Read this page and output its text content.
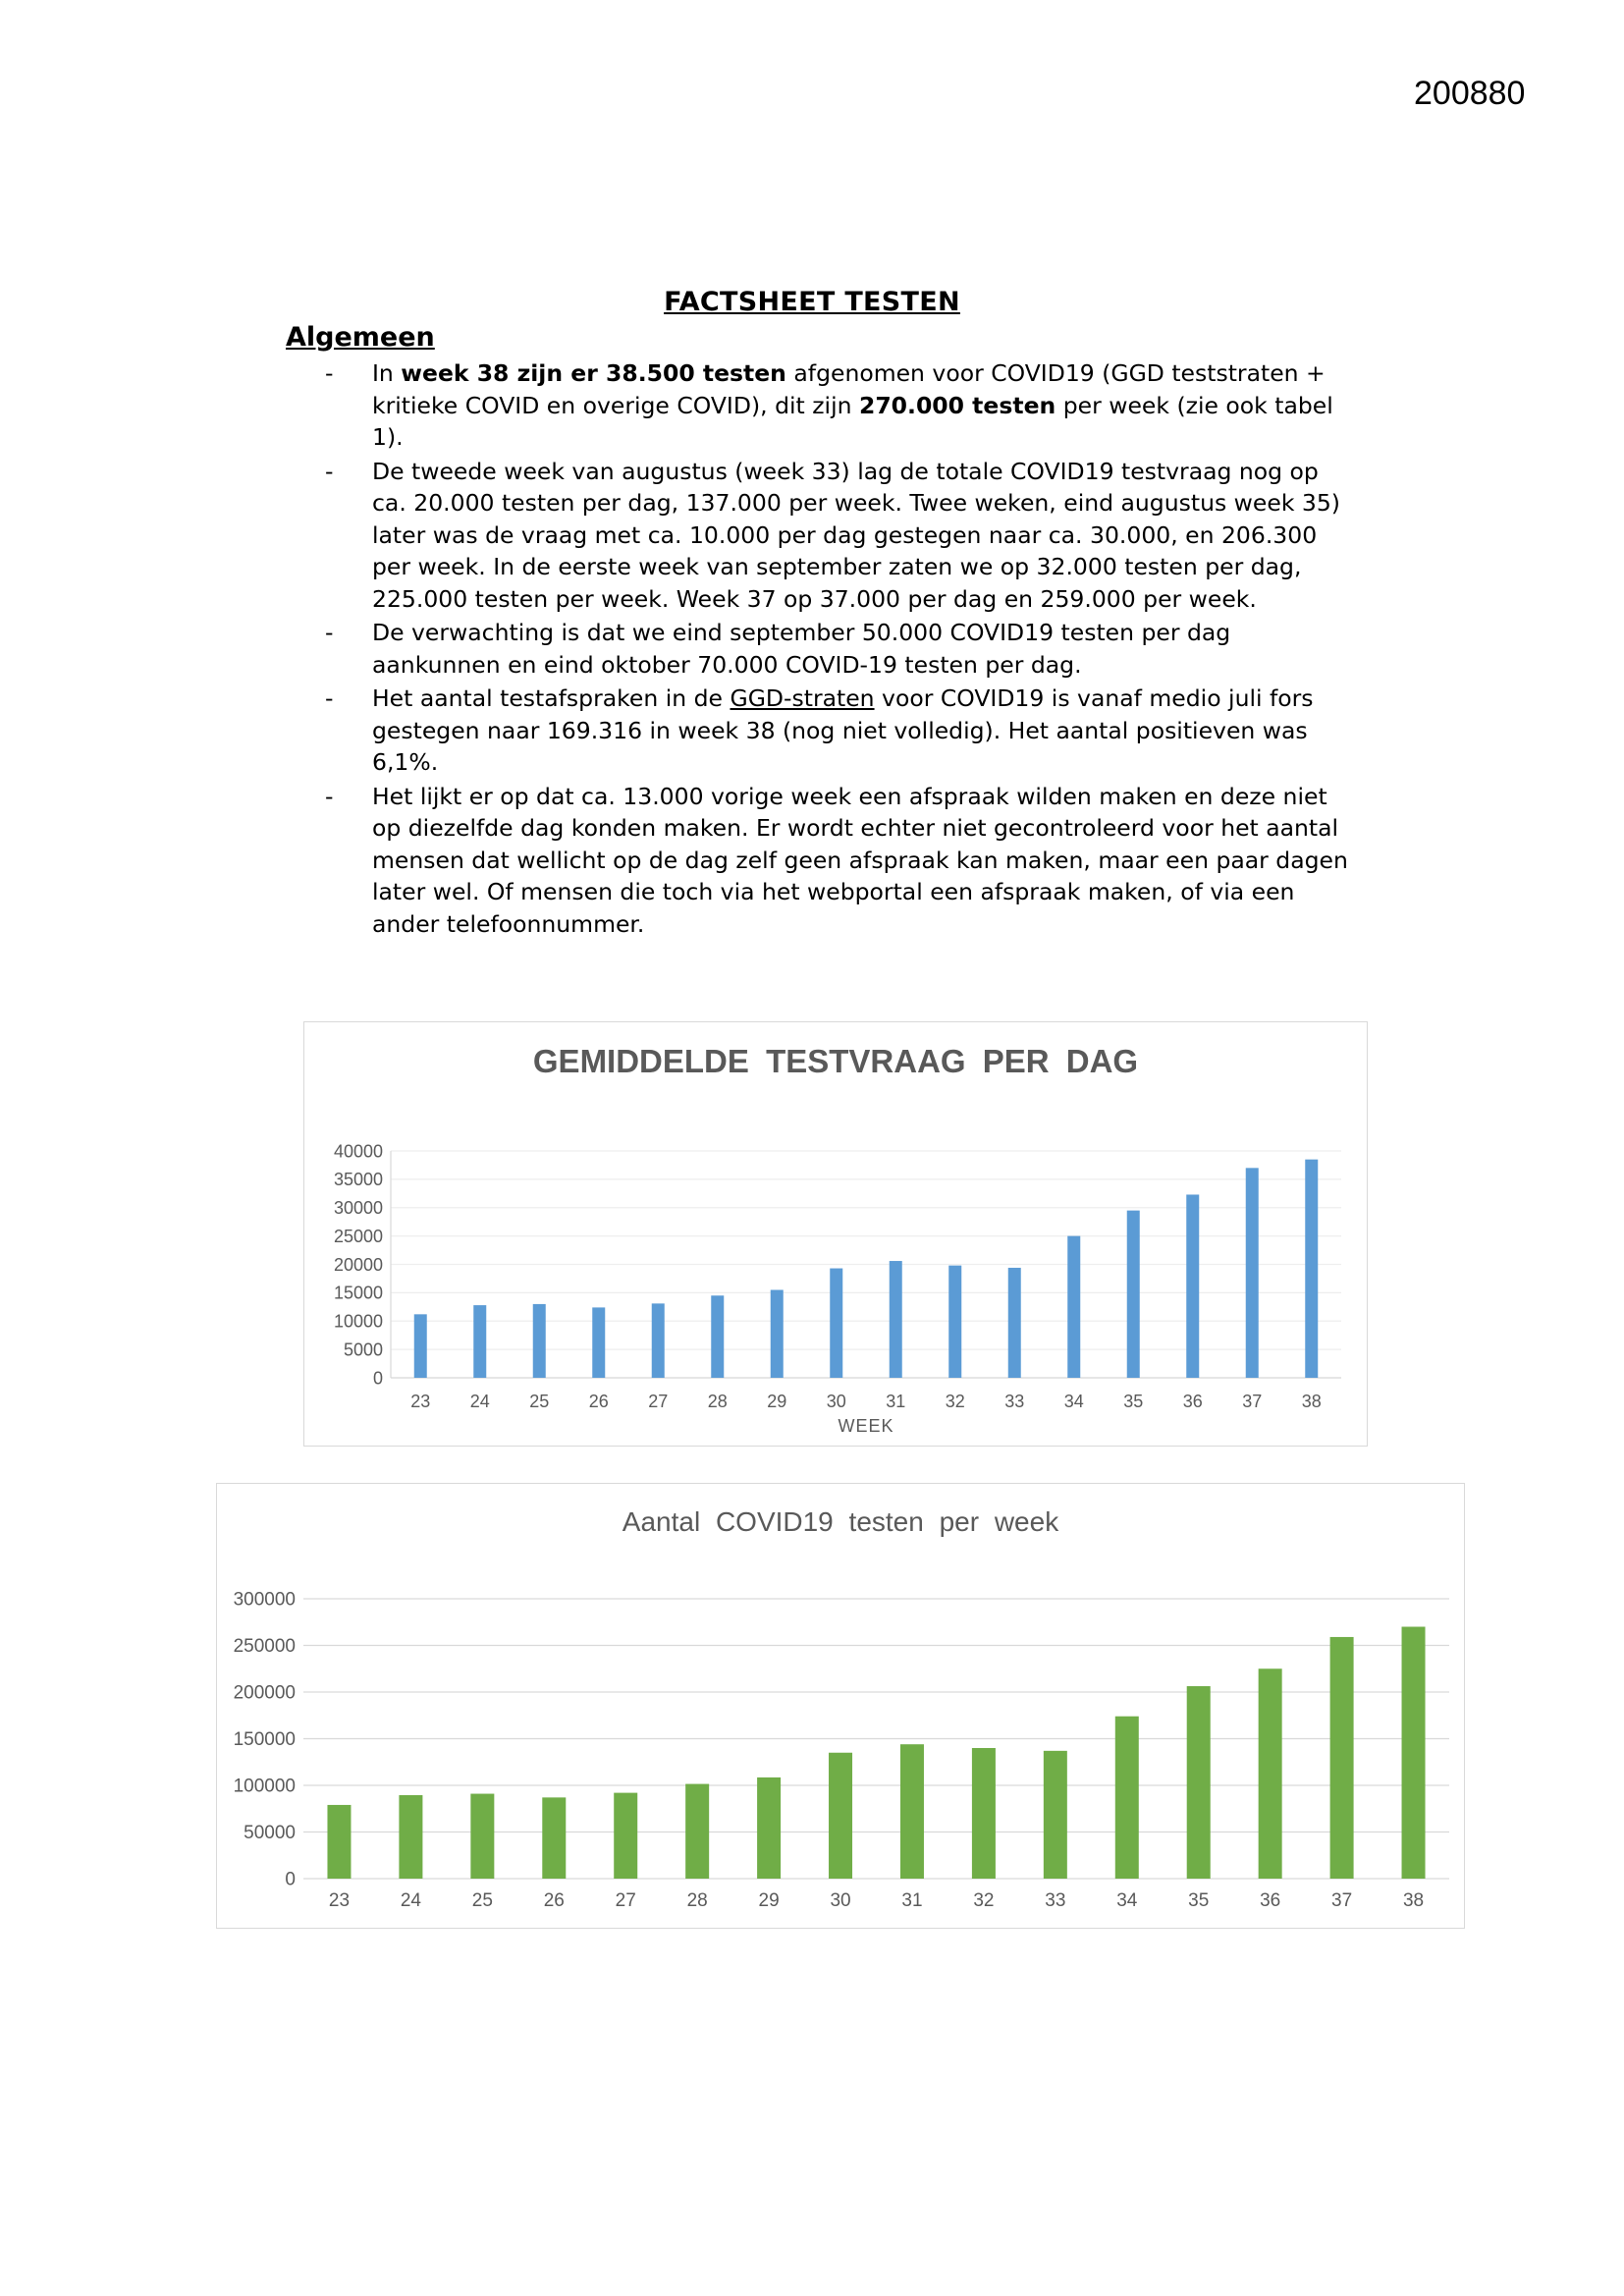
200880
FACTSHEET TESTEN
Algemeen
- In week 38 zijn er 38.500 testen afgenomen voor COVID19 (GGD teststraten + kritieke COVID en overige COVID), dit zijn 270.000 testen per week (zie ook tabel 1).
- De tweede week van augustus (week 33) lag de totale COVID19 testvraag nog op ca. 20.000 testen per dag, 137.000 per week. Twee weken, eind augustus week 35) later was de vraag met ca. 10.000 per dag gestegen naar ca. 30.000, en 206.300 per week. In de eerste week van september zaten we op 32.000 testen per dag, 225.000 testen per week. Week 37 op 37.000 per dag en 259.000 per week.
- De verwachting is dat we eind september 50.000 COVID19 testen per dag aankunnen en eind oktober 70.000 COVID-19 testen per dag.
- Het aantal testafspraken in de GGD-straten voor COVID19 is vanaf medio juli fors gestegen naar 169.316 in week 38 (nog niet volledig). Het aantal positieven was 6,1%.
- Het lijkt er op dat ca. 13.000 vorige week een afspraak wilden maken en deze niet op diezelfde dag konden maken. Er wordt echter niet gecontroleerd voor het aantal mensen dat wellicht op de dag zelf geen afspraak kan maken, maar een paar dagen later wel. Of mensen die toch via het webportal een afspraak maken, of via een ander telefoonnummer.
GEMIDDELDE TESTVRAAG PER DAG
0
5000
10000
15000
20000
25000
30000
35000
40000
23 24 25 26 27 28 29 30 31 32 33 34 35 36 37 38
WEEK
Aantal COVID19 testen per week
0
50000
100000
150000
200000
250000
300000
23	24	25	26	27	28	29	30	31	32	33	34	35	36	37	38
